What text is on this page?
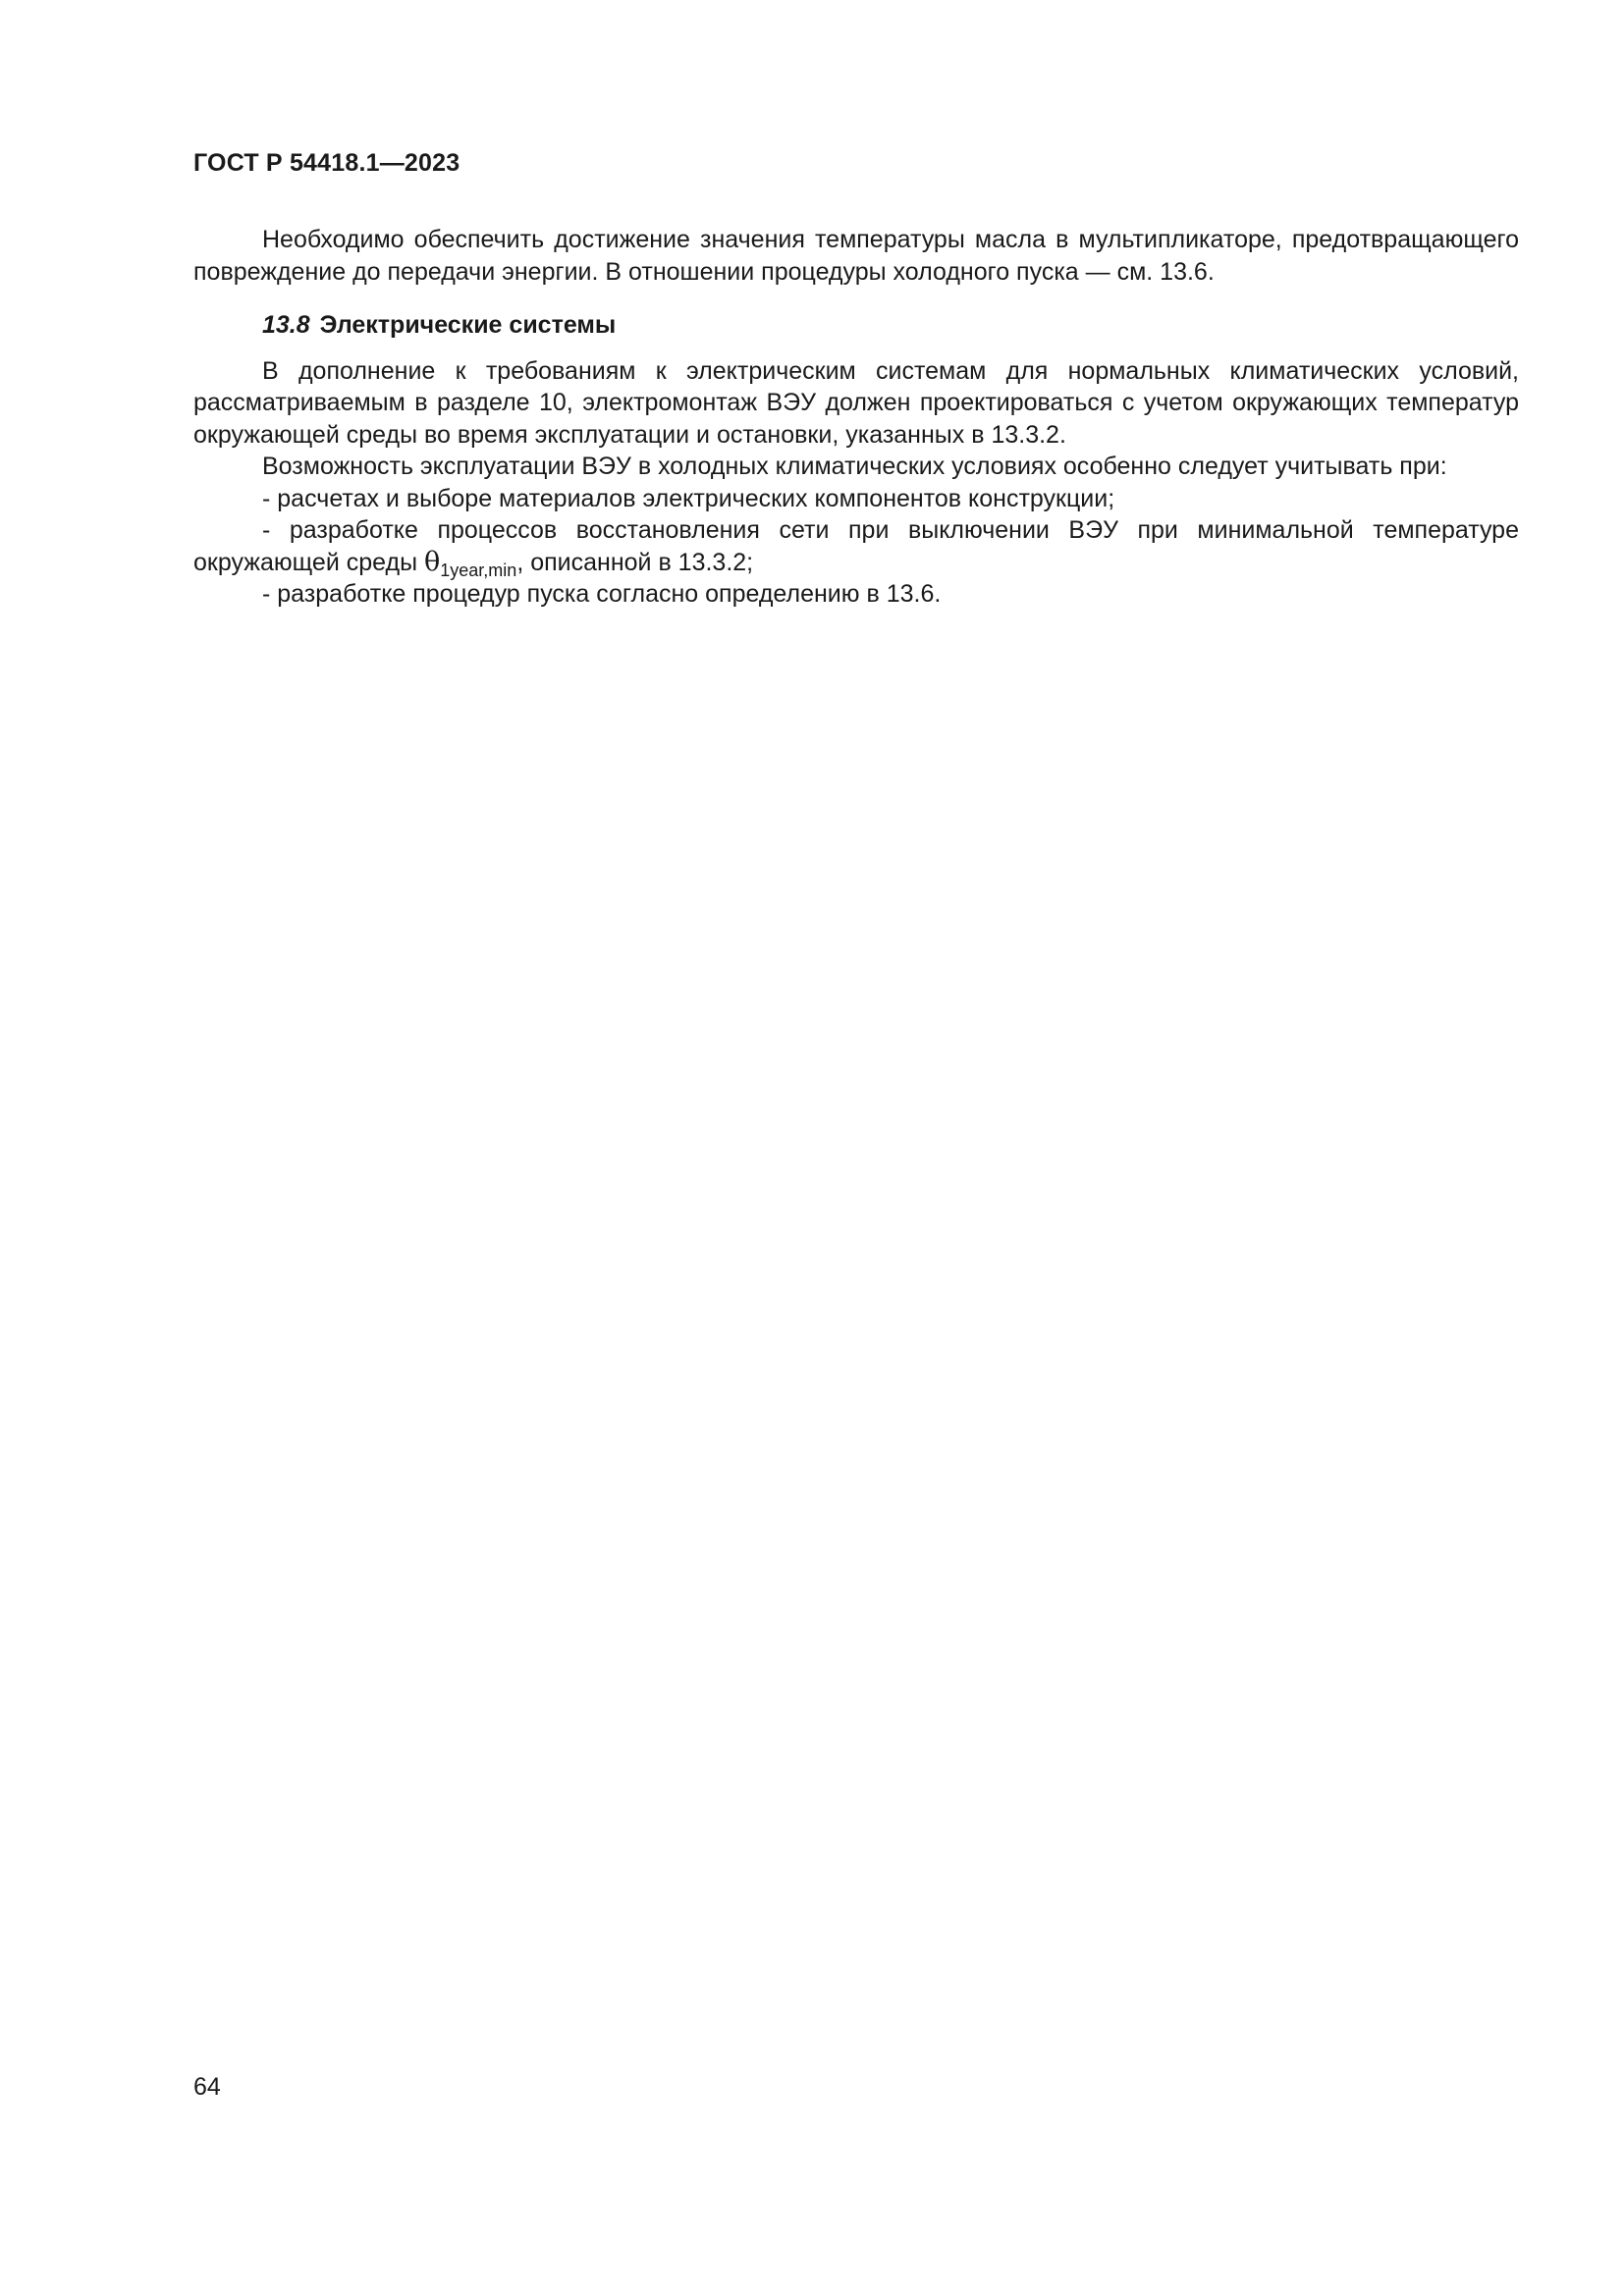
ГОСТ Р 54418.1—2023

Необходимо обеспечить достижение значения температуры масла в мультипликаторе, предотвращающего повреждение до передачи энергии. В отношении процедуры холодного пуска — см. 13.6.

13.8 Электрические системы

В дополнение к требованиям к электрическим системам для нормальных климатических условий, рассматриваемым в разделе 10, электромонтаж ВЭУ должен проектироваться с учетом окружающих температур окружающей среды во время эксплуатации и остановки, указанных в 13.3.2.

Возможность эксплуатации ВЭУ в холодных климатических условиях особенно следует учитывать при:

- расчетах и выборе материалов электрических компонентов конструкции;

- разработке процессов восстановления сети при выключении ВЭУ при минимальной температуре окружающей среды $\theta_{1year,min}$, описанной в 13.3.2;

- разработке процедур пуска согласно определению в 13.6.

64
